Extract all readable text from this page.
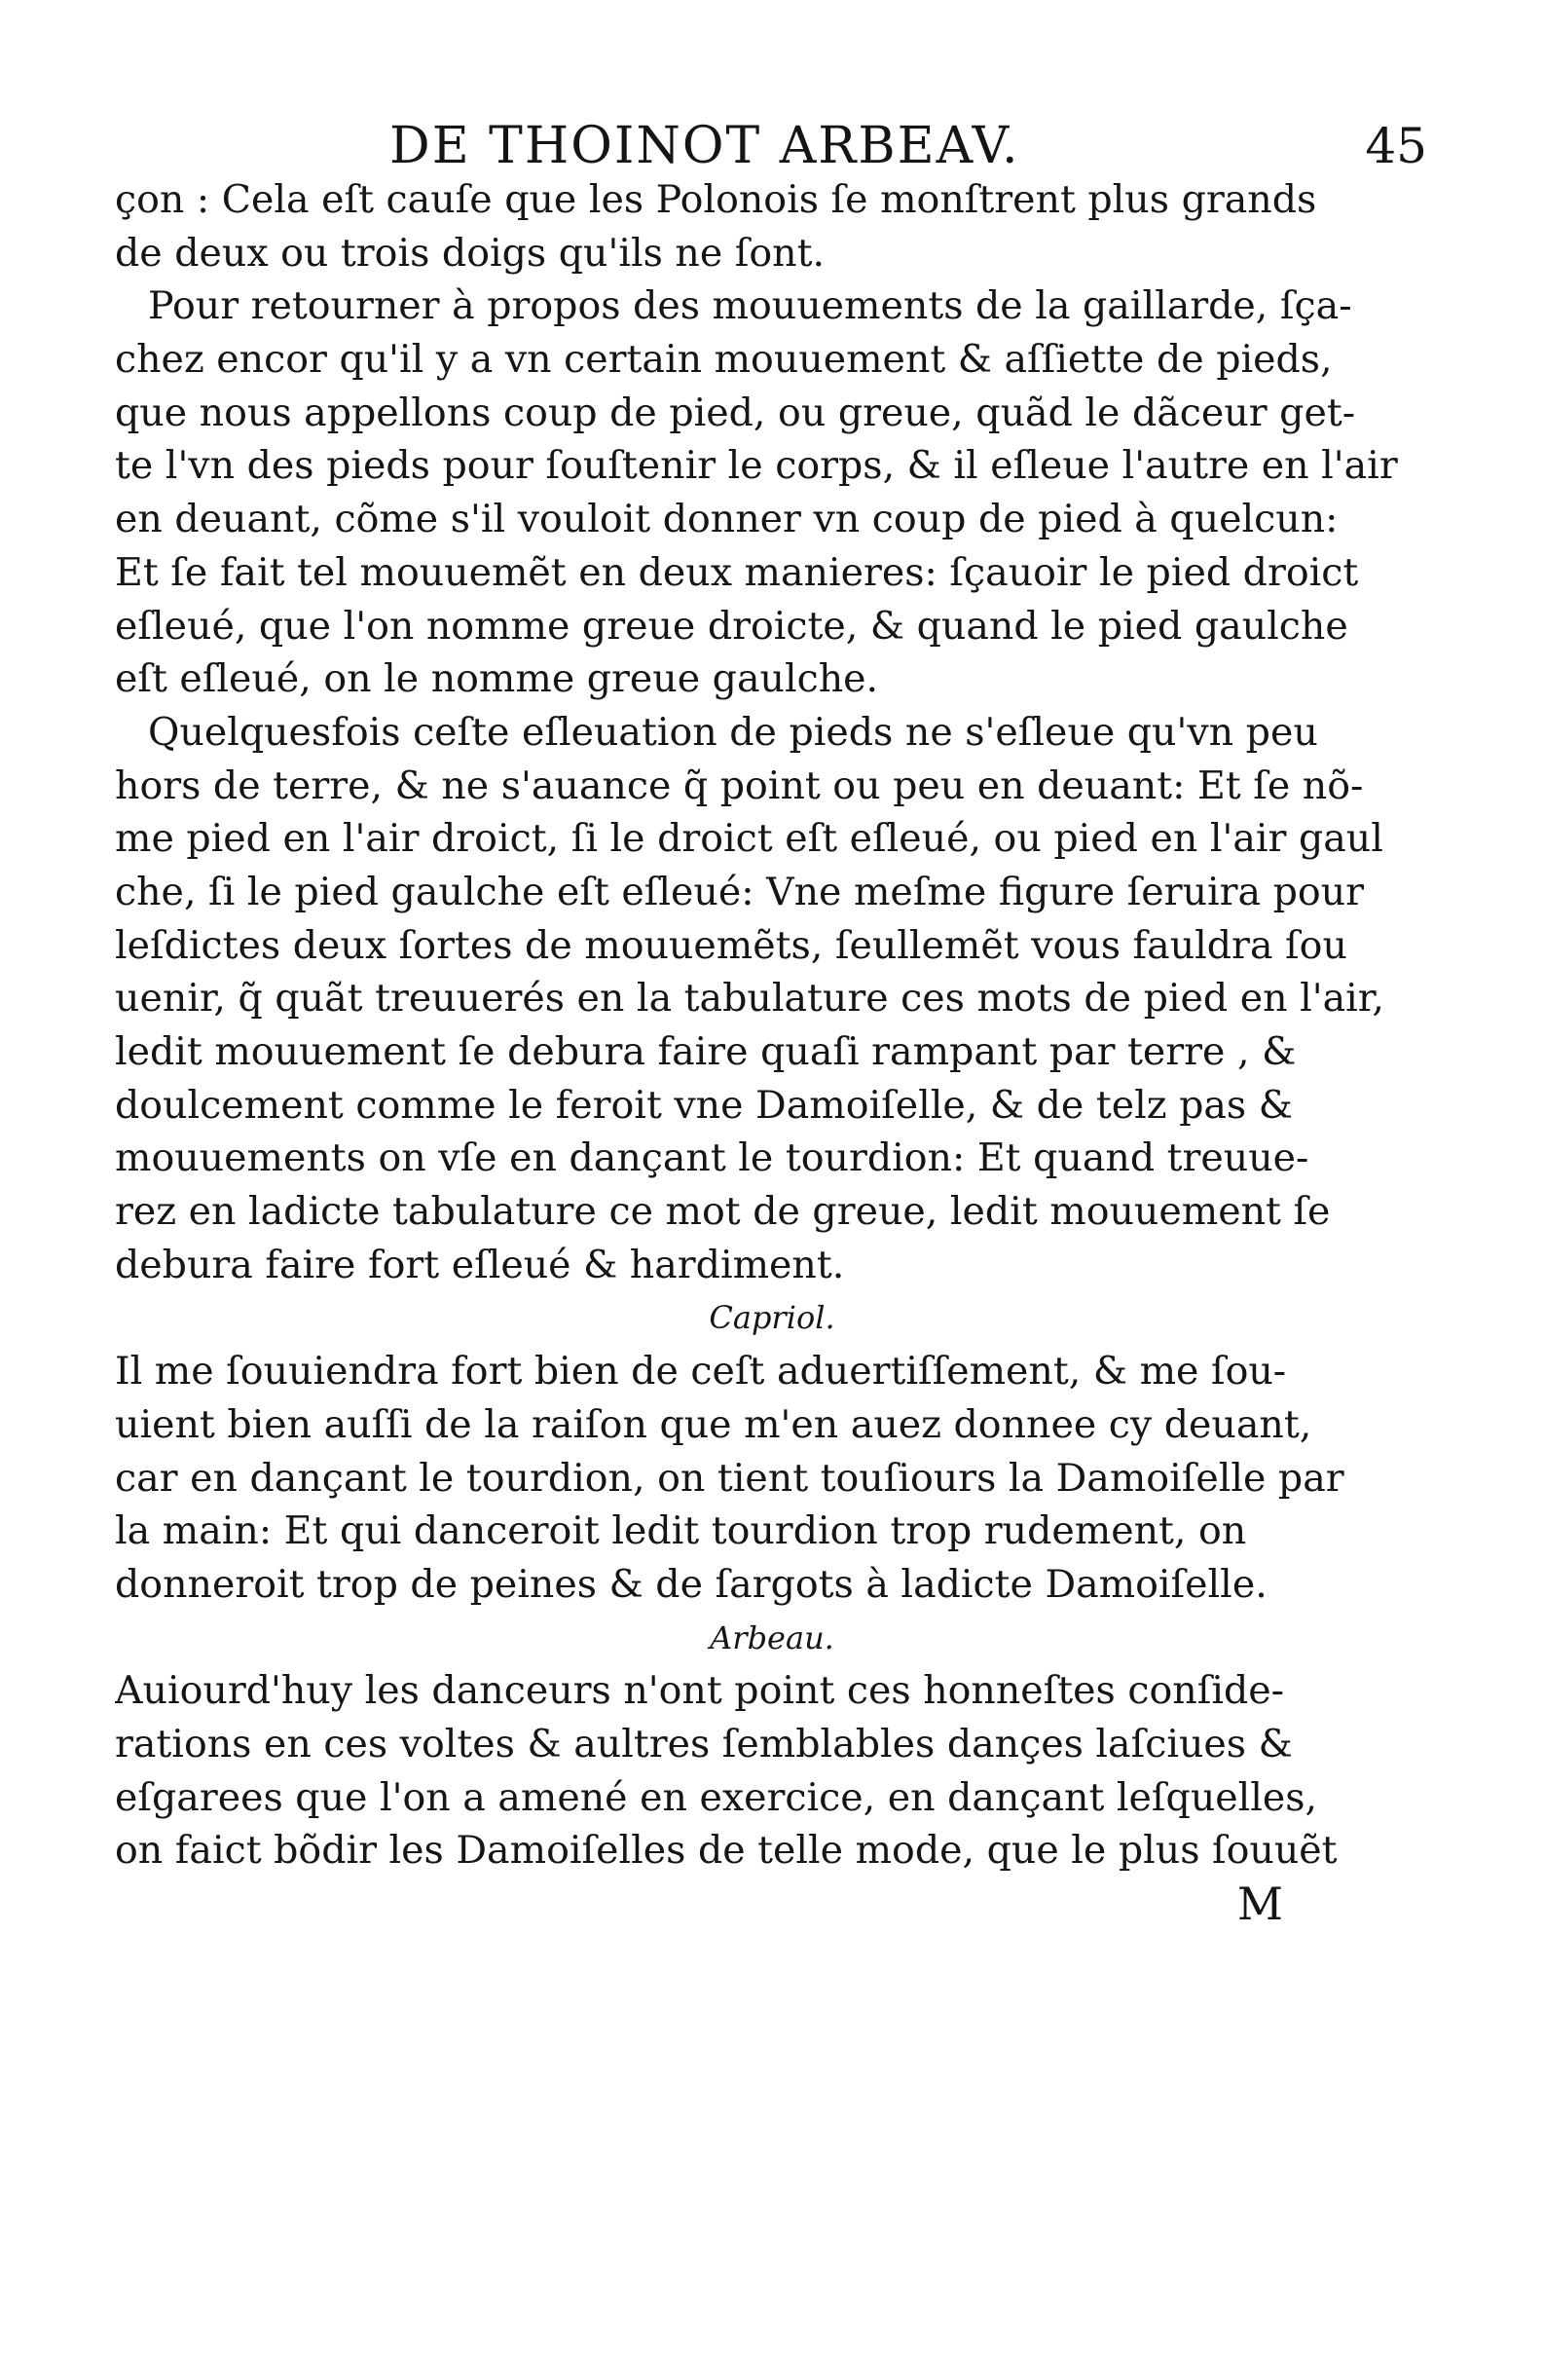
DE THOINOT ARBEAV.	45
çon : Cela eſt cauſe que les Polonois ſe monſtrent plus grands
de deux ou trois doigs qu'ils ne ſont.
Pour retourner à propos des mouuements de la gaillarde, ſça-
chez encor qu'il y a vn certain mouuement & aſſiette de pieds,
que nous appellons coup de pied, ou greue, quãd le dãceur get-
te l'vn des pieds pour ſouſtenir le corps, & il eſleue l'autre en l'air
en deuant, cõme s'il vouloit donner vn coup de pied à quelcun:
Et ſe fait tel mouuemẽt en deux manieres: ſçauoir le pied droict
eſleué, que l'on nomme greue droicte, & quand le pied gaulche
eſt eſleué, on le nomme greue gaulche.
Quelquesfois ceſte eſleuation de pieds ne s'eſleue qu'vn peu
hors de terre, & ne s'auance q̃ point ou peu en deuant: Et ſe nõ-
me pied en l'air droict, ſi le droict eſt eſleué, ou pied en l'air gaul
che, ſi le pied gaulche eſt eſleué: Vne meſme figure ſeruira pour
leſdictes deux ſortes de mouuemẽts, ſeullemẽt vous fauldra ſou
uenir, q̃ quãt treuuerés en la tabulature ces mots de pied en l'air,
ledit mouuement ſe debura faire quaſi rampant par terre , &
doulcement comme le feroit vne Damoiſelle, & de telz pas &
mouuements on vſe en dançant le tourdion: Et quand treuue-
rez en ladicte tabulature ce mot de greue, ledit mouuement ſe
debura faire fort eſleué & hardiment.
Capriol.
Il me ſouuiendra fort bien de ceſt aduertiſſement, & me ſou-
uient bien auſſi de la raiſon que m'en auez donnee cy deuant,
car en dançant le tourdion, on tient touſiours la Damoiſelle par
la main: Et qui danceroit ledit tourdion trop rudement, on
donneroit trop de peines & de ſargots à ladicte Damoiſelle.
Arbeau.
Auiourd'huy les danceurs n'ont point ces honneſtes conſide-
rations en ces voltes & aultres ſemblables dançes laſciues &
eſgarees que l'on a amené en exercice, en dançant leſquelles,
on faict bõdir les Damoiſelles de telle mode, que le plus ſouuẽt
M
